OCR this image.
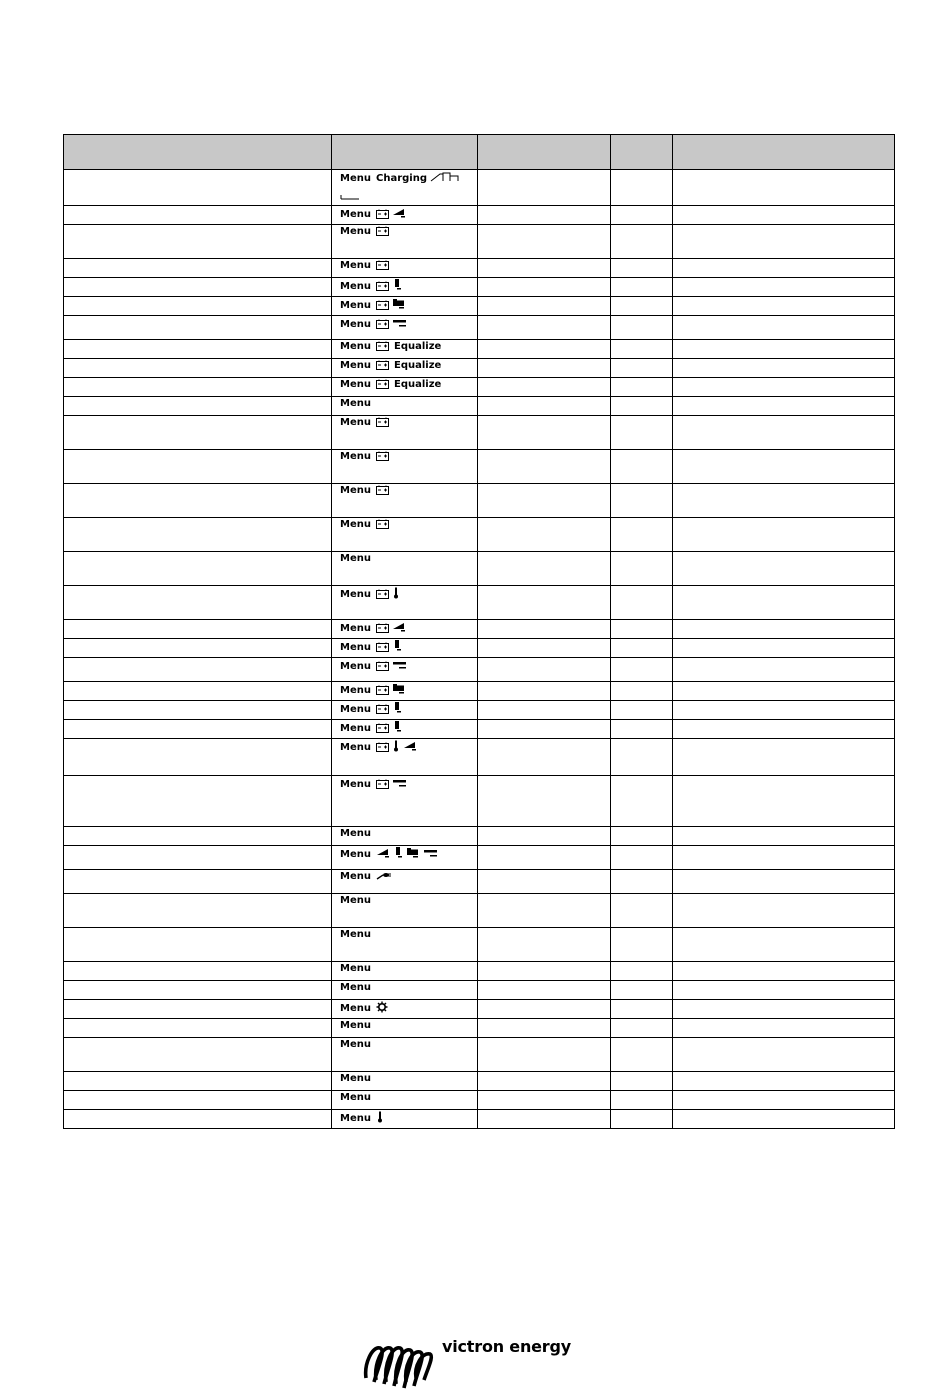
	Menu Charging

	Menu			
	Menu			
	Menu			
	Menu			
	Menu			
	Menu			
	Menu Equalize			
	Menu Equalize			
	Menu Equalize			
	Menu			
	Menu			
	Menu			
	Menu			
	Menu			
	Menu			
	Menu			
	Menu			
	Menu			
	Menu			
	Menu			
	Menu			
	Menu			
	Menu			
	Menu			
	Menu			
	Menu			
	Menu			
	Menu			
	Menu			
	Menu			
	Menu			
	Menu			
	Menu			
	Menu			
	Menu			
	Menu			
	Menu			
victron energy
